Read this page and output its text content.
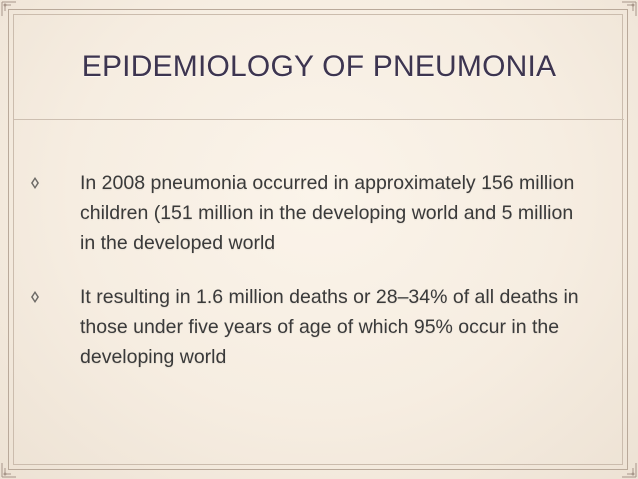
EPIDEMIOLOGY OF PNEUMONIA
In 2008 pneumonia occurred in approximately 156 million children (151 million in the developing world and 5 million in the developed world
It resulting in 1.6 million deaths or 28–34% of all deaths in those under five years of age of which 95% occur in the developing world
